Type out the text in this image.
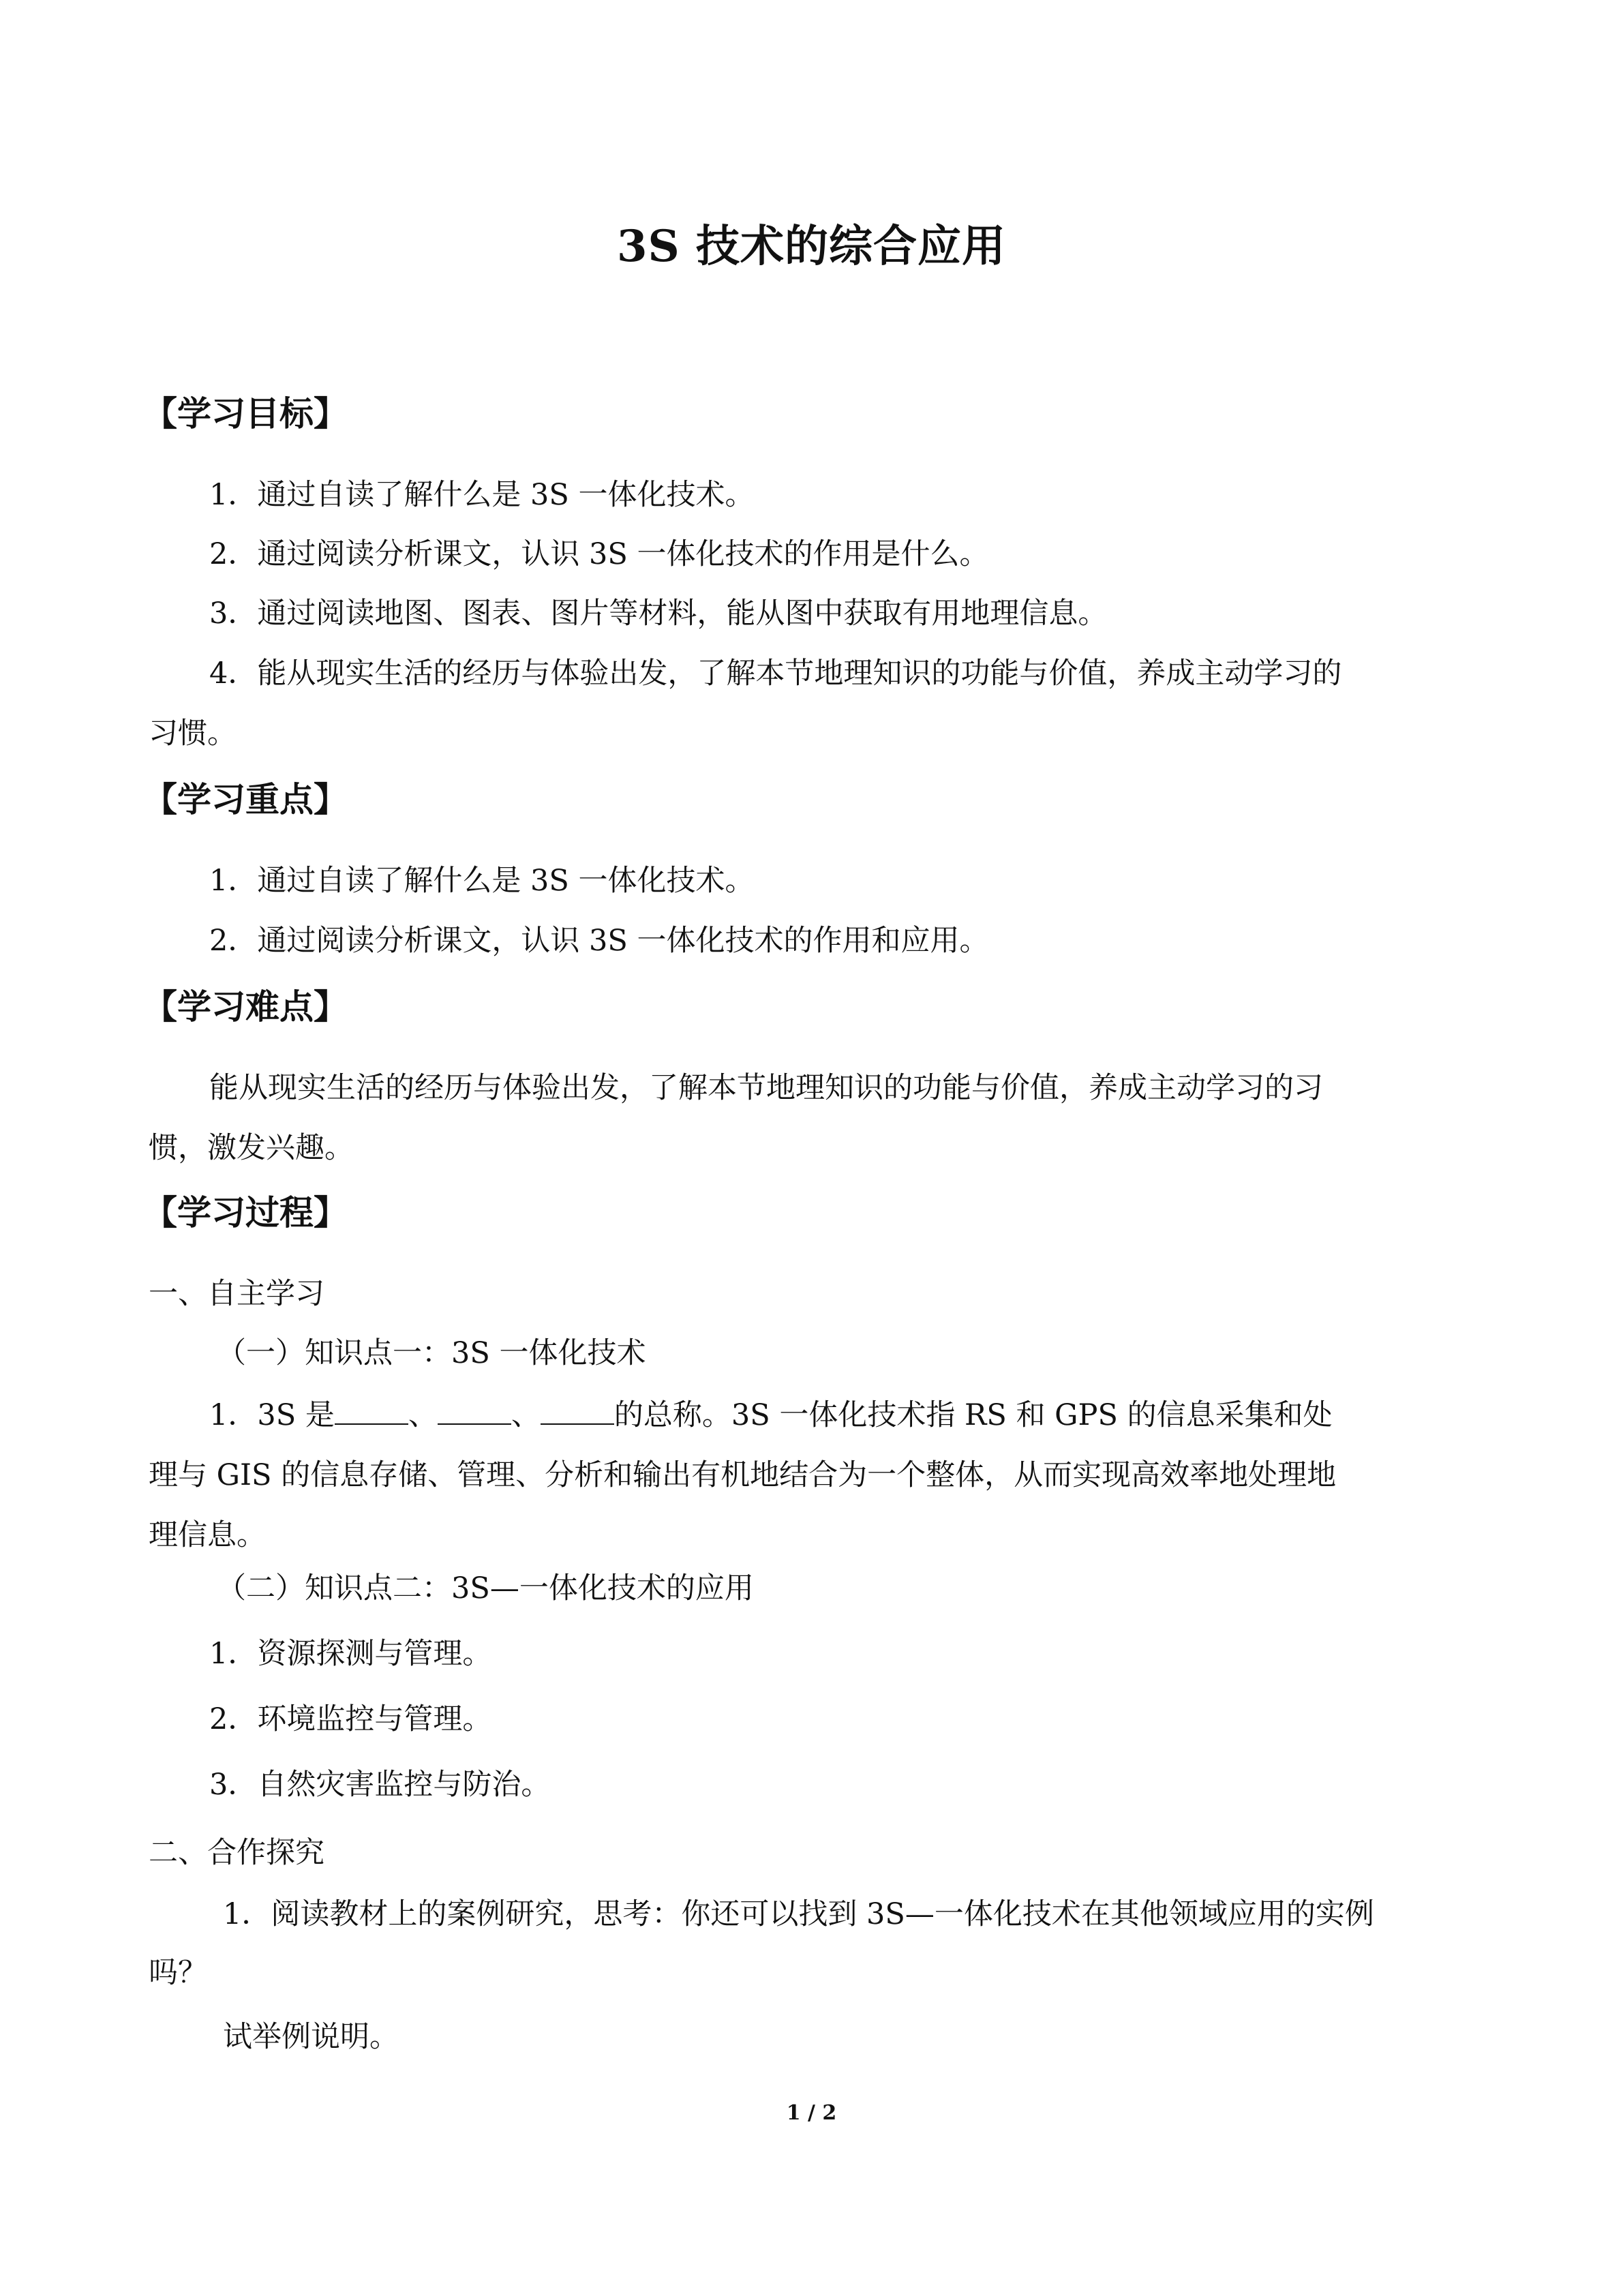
3S 技术的综合应用
【学习目标】
1．通过自读了解什么是 3S 一体化技术。
2．通过阅读分析课文，认识 3S 一体化技术的作用是什么。
3．通过阅读地图、图表、图片等材料，能从图中获取有用地理信息。
4．能从现实生活的经历与体验出发，了解本节地理知识的功能与价值，养成主动学习的
习惯。
【学习重点】
1．通过自读了解什么是 3S 一体化技术。
2．通过阅读分析课文，认识 3S 一体化技术的作用和应用。
【学习难点】
能从现实生活的经历与体验出发，了解本节地理知识的功能与价值，养成主动学习的习
惯，激发兴趣。
【学习过程】
一、自主学习
（一）知识点一：3S 一体化技术
1．3S 是	、	、	的总称。3S 一体化技术指 RS 和 GPS 的信息采集和处
理与 GIS 的信息存储、管理、分析和输出有机地结合为一个整体，从而实现高效率地处理地
理信息。
（二）知识点二：3S—一体化技术的应用
1．资源探测与管理。
2．环境监控与管理。
3．自然灾害监控与防治。
二、合作探究
1．阅读教材上的案例研究，思考：你还可以找到 3S—一体化技术在其他领域应用的实例
吗？
试举例说明。
1 / 2
